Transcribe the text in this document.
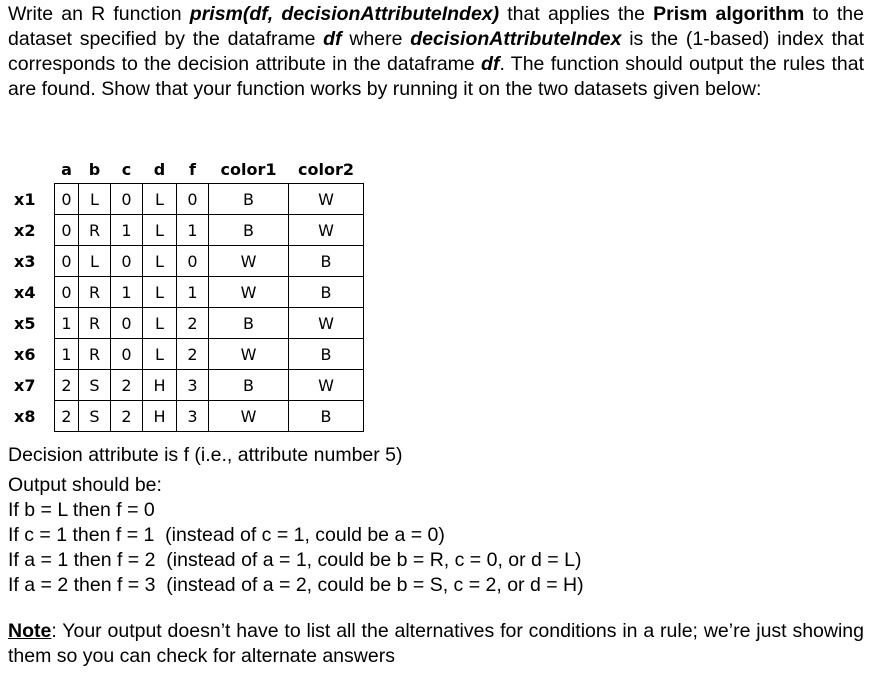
Write an R function prism(df, decisionAttributeIndex) that applies the Prism algorithm to the dataset specified by the dataframe df where decisionAttributeIndex is the (1-based) index that corresponds to the decision attribute in the dataframe df. The function should output the rules that are found. Show that your function works by running it on the two datasets given below:

	a	b	c	d	f	color1	color2
x1	0	L	0	L	0	B	W
x2	0	R	1	L	1	B	W
x3	0	L	0	L	0	W	B
x4	0	R	1	L	1	W	B
x5	1	R	0	L	2	B	W
x6	1	R	0	L	2	W	B
x7	2	S	2	H	3	B	W
x8	2	S	2	H	3	W	B
Decision attribute is f (i.e., attribute number 5)
Output should be:
If b = L then f = 0
If c = 1 then f = 1  (instead of c = 1, could be a = 0)
If a = 1 then f = 2  (instead of a = 1, could be b = R, c = 0, or d = L)
If a = 2 then f = 3  (instead of a = 2, could be b = S, c = 2, or d = H)

Note: Your output doesn’t have to list all the alternatives for conditions in a rule; we’re just showing them so you can check for alternate answers
